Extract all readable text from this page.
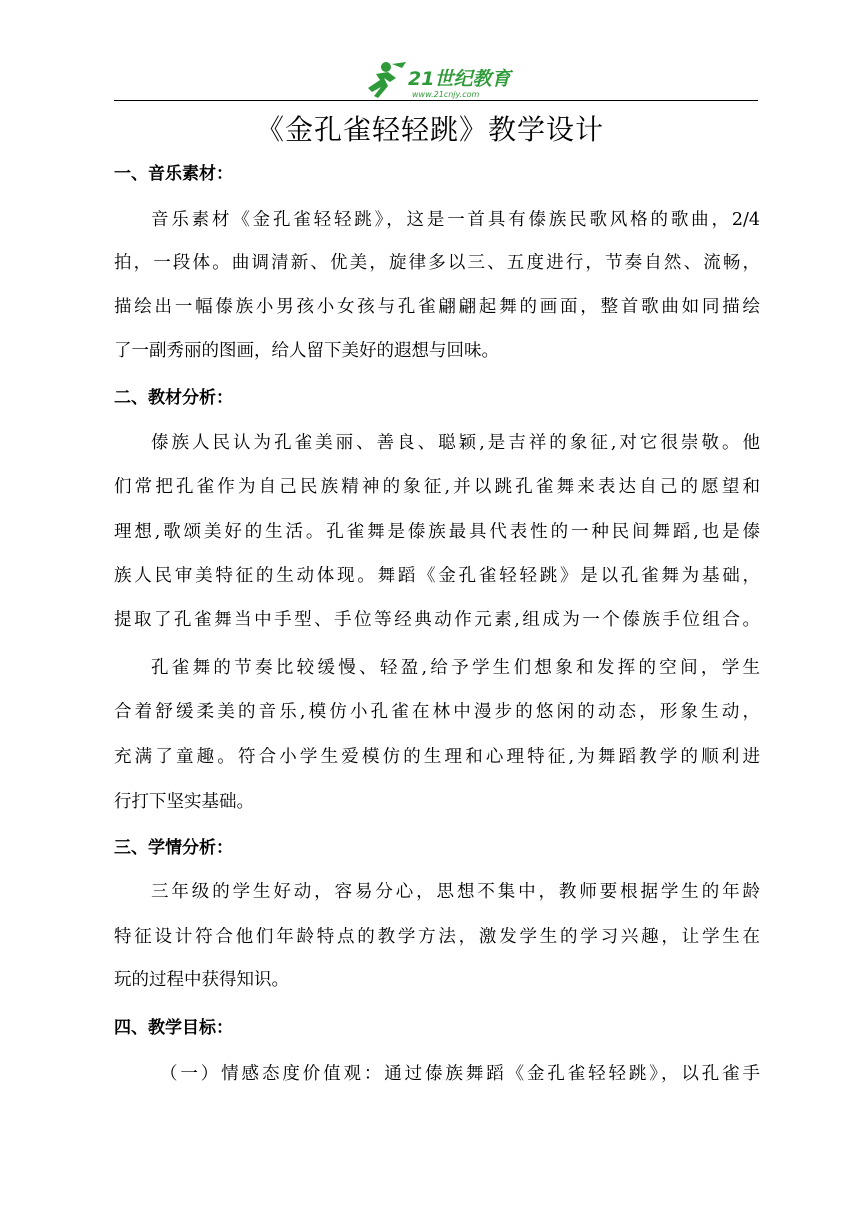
21世纪教育
www.21cnjy.com
《金孔雀轻轻跳》教学设计
一、音乐素材：
音乐素材《金孔雀轻轻跳》，这是一首具有傣族民歌风格的歌曲，2/4
拍，一段体。曲调清新、优美，旋律多以三、五度进行，节奏自然、流畅，
描绘出一幅傣族小男孩小女孩与孔雀翩翩起舞的画面，整首歌曲如同描绘
了一副秀丽的图画，给人留下美好的遐想与回味。
二、教材分析：
傣族人民认为孔雀美丽、善良、聪颖,是吉祥的象征,对它很崇敬。他
们常把孔雀作为自己民族精神的象征,并以跳孔雀舞来表达自己的愿望和
理想,歌颂美好的生活。孔雀舞是傣族最具代表性的一种民间舞蹈,也是傣
族人民审美特征的生动体现。舞蹈《金孔雀轻轻跳》是以孔雀舞为基础，
提取了孔雀舞当中手型、手位等经典动作元素,组成为一个傣族手位组合。
孔雀舞的节奏比较缓慢、轻盈,给予学生们想象和发挥的空间，学生
合着舒缓柔美的音乐,模仿小孔雀在林中漫步的悠闲的动态，形象生动，
充满了童趣。符合小学生爱模仿的生理和心理特征,为舞蹈教学的顺利进
行打下坚实基础。
三、学情分析：
三年级的学生好动，容易分心，思想不集中，教师要根据学生的年龄
特征设计符合他们年龄特点的教学方法，激发学生的学习兴趣，让学生在
玩的过程中获得知识。
四、教学目标：
（一）情感态度价值观：通过傣族舞蹈《金孔雀轻轻跳》，以孔雀手
